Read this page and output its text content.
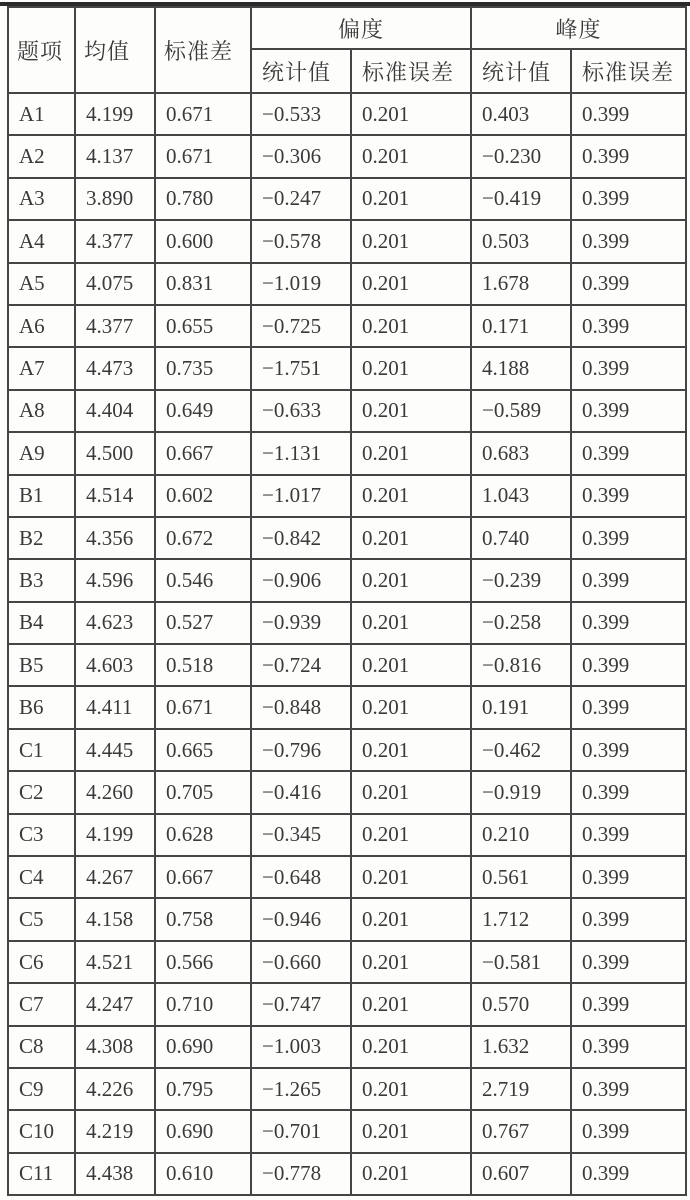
题项	均值	标准差	偏度		峰度	
			统计值	标准误差	统计值	标准误差
A1	4.199	0.671	−0.533	0.201	0.403	0.399
A2	4.137	0.671	−0.306	0.201	−0.230	0.399
A3	3.890	0.780	−0.247	0.201	−0.419	0.399
A4	4.377	0.600	−0.578	0.201	0.503	0.399
A5	4.075	0.831	−1.019	0.201	1.678	0.399
A6	4.377	0.655	−0.725	0.201	0.171	0.399
A7	4.473	0.735	−1.751	0.201	4.188	0.399
A8	4.404	0.649	−0.633	0.201	−0.589	0.399
A9	4.500	0.667	−1.131	0.201	0.683	0.399
B1	4.514	0.602	−1.017	0.201	1.043	0.399
B2	4.356	0.672	−0.842	0.201	0.740	0.399
B3	4.596	0.546	−0.906	0.201	−0.239	0.399
B4	4.623	0.527	−0.939	0.201	−0.258	0.399
B5	4.603	0.518	−0.724	0.201	−0.816	0.399
B6	4.411	0.671	−0.848	0.201	0.191	0.399
C1	4.445	0.665	−0.796	0.201	−0.462	0.399
C2	4.260	0.705	−0.416	0.201	−0.919	0.399
C3	4.199	0.628	−0.345	0.201	0.210	0.399
C4	4.267	0.667	−0.648	0.201	0.561	0.399
C5	4.158	0.758	−0.946	0.201	1.712	0.399
C6	4.521	0.566	−0.660	0.201	−0.581	0.399
C7	4.247	0.710	−0.747	0.201	0.570	0.399
C8	4.308	0.690	−1.003	0.201	1.632	0.399
C9	4.226	0.795	−1.265	0.201	2.719	0.399
C10	4.219	0.690	−0.701	0.201	0.767	0.399
C11	4.438	0.610	−0.778	0.201	0.607	0.399
